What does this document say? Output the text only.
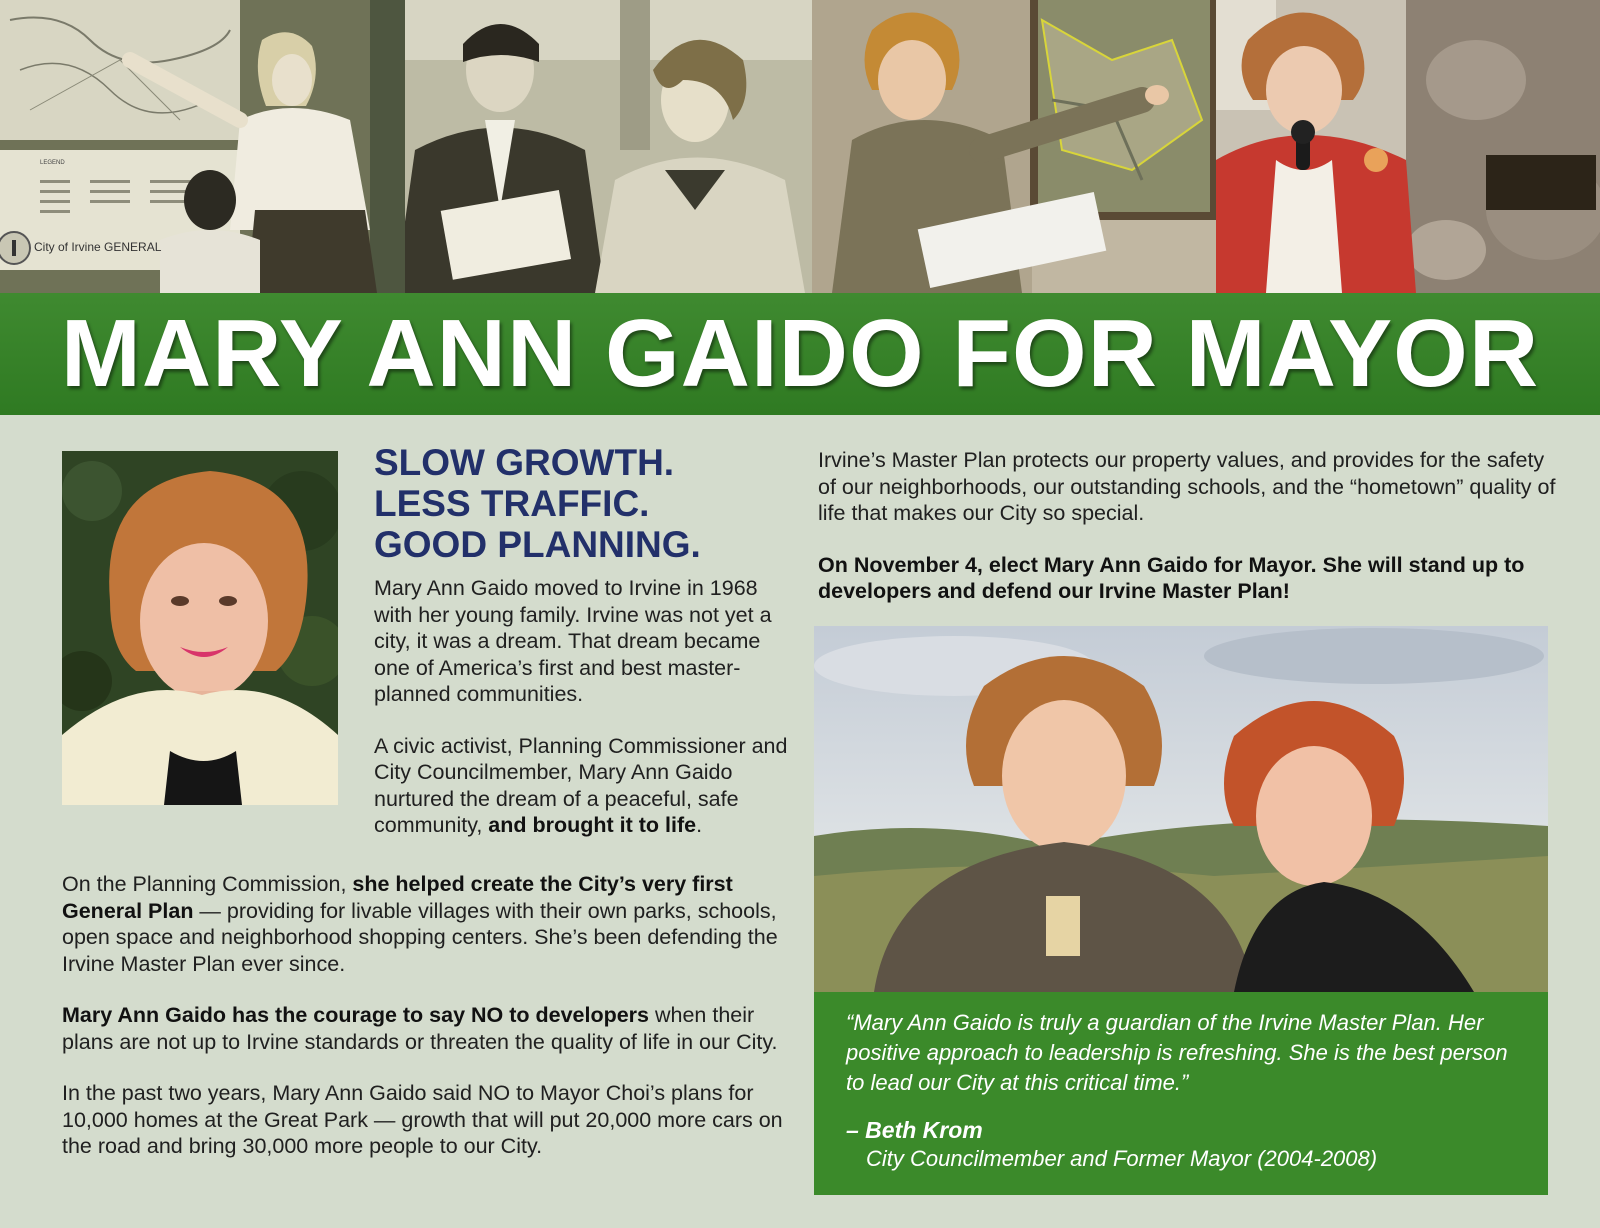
LEGEND
City of Irvine GENERAL
MARY ANN GAIDO FOR MAYOR
SLOW GROWTH.
LESS TRAFFIC.
GOOD PLANNING.

Mary Ann Gaido moved to Irvine in 1968 with her young family. Irvine was not yet a city, it was a dream. That dream became one of America’s first and best master-planned communities.

A civic activist, Planning Commissioner and City Councilmember, Mary Ann Gaido nurtured the dream of a peaceful, safe community, and brought it to life.

On the Planning Commission, she helped create the City’s very first General Plan — providing for livable villages with their own parks, schools, open space and neighborhood shopping centers. She’s been defending the Irvine Master Plan ever since.

Mary Ann Gaido has the courage to say NO to developers when their plans are not up to Irvine standards or threaten the quality of life in our City.

In the past two years, Mary Ann Gaido said NO to Mayor Choi’s plans for 10,000 homes at the Great Park — growth that will put 20,000 more cars on the road and bring 30,000 more people to our City.

Irvine’s Master Plan protects our property values, and provides for the safety of our neighborhoods, our outstanding schools, and the “hometown” quality of life that makes our City so special.

On November 4, elect Mary Ann Gaido for Mayor. She will stand up to developers and defend our Irvine Master Plan!

“Mary Ann Gaido is truly a guardian of the Irvine Master Plan. Her positive approach to leadership is refreshing. She is the best person to lead our City at this critical time.”

– Beth Krom
City Councilmember and Former Mayor (2004-2008)
